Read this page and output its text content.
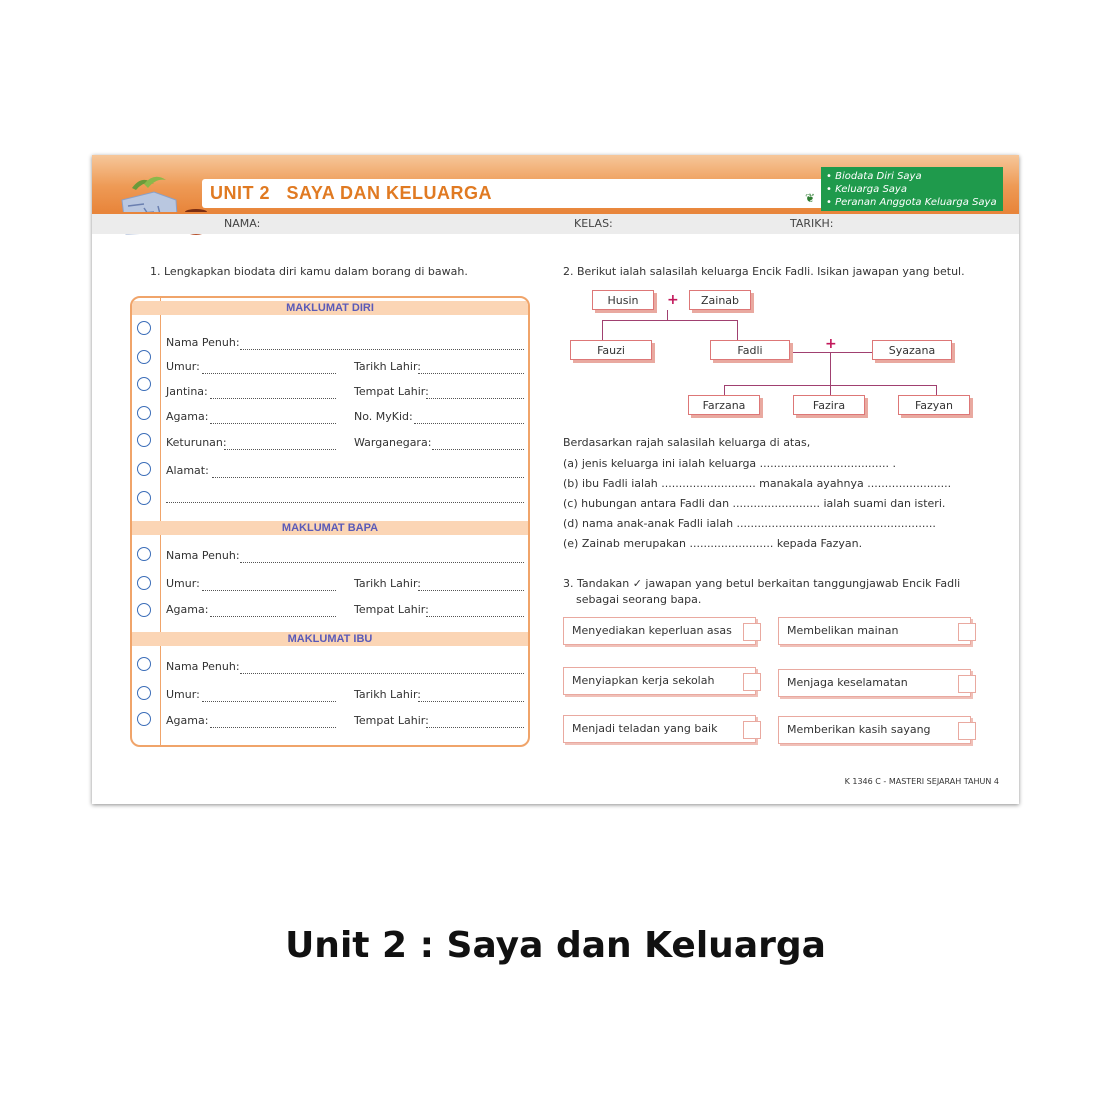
UNIT 2   SAYA DAN KELUARGA	❦
• Biodata Diri Saya
• Keluarga Saya
• Peranan Anggota Keluarga Saya
NAMA:	KELAS:	TARIKH:
1. Lengkapkan biodata diri kamu dalam borang di bawah.
MAKLUMAT DIRI
MAKLUMAT BAPA
MAKLUMAT IBU
Nama Penuh:
Umur:	Tarikh Lahir:
Jantina:	Tempat Lahir:
Agama:	No. MyKid:
Keturunan:	Warganegara:
Alamat:
Nama Penuh:
Umur:	Tarikh Lahir:
Agama:	Tempat Lahir:
Nama Penuh:
Umur:	Tarikh Lahir:
Agama:	Tempat Lahir:
2. Berikut ialah salasilah keluarga Encik Fadli. Isikan jawapan yang betul.
Husin	+	Zainab
Fauzi	Fadli	+	Syazana
Farzana	Fazira	Fazyan
Berdasarkan rajah salasilah keluarga di atas,
(a) jenis keluarga ini ialah keluarga ..................................... .
(b) ibu Fadli ialah ........................... manakala ayahnya ........................
(c) hubungan antara Fadli dan ......................... ialah suami dan isteri.
(d) nama anak-anak Fadli ialah .........................................................
(e) Zainab merupakan ........................ kepada Fazyan.
3. Tandakan ✓ jawapan yang betul berkaitan tanggungjawab Encik Fadli
sebagai seorang bapa.
Menyediakan keperluan asas	Membelikan mainan
Menyiapkan kerja sekolah	Menjaga keselamatan
Menjadi teladan yang baik	Memberikan kasih sayang
K 1346 C - MASTERI SEJARAH TAHUN 4
Unit 2 : Saya dan Keluarga
